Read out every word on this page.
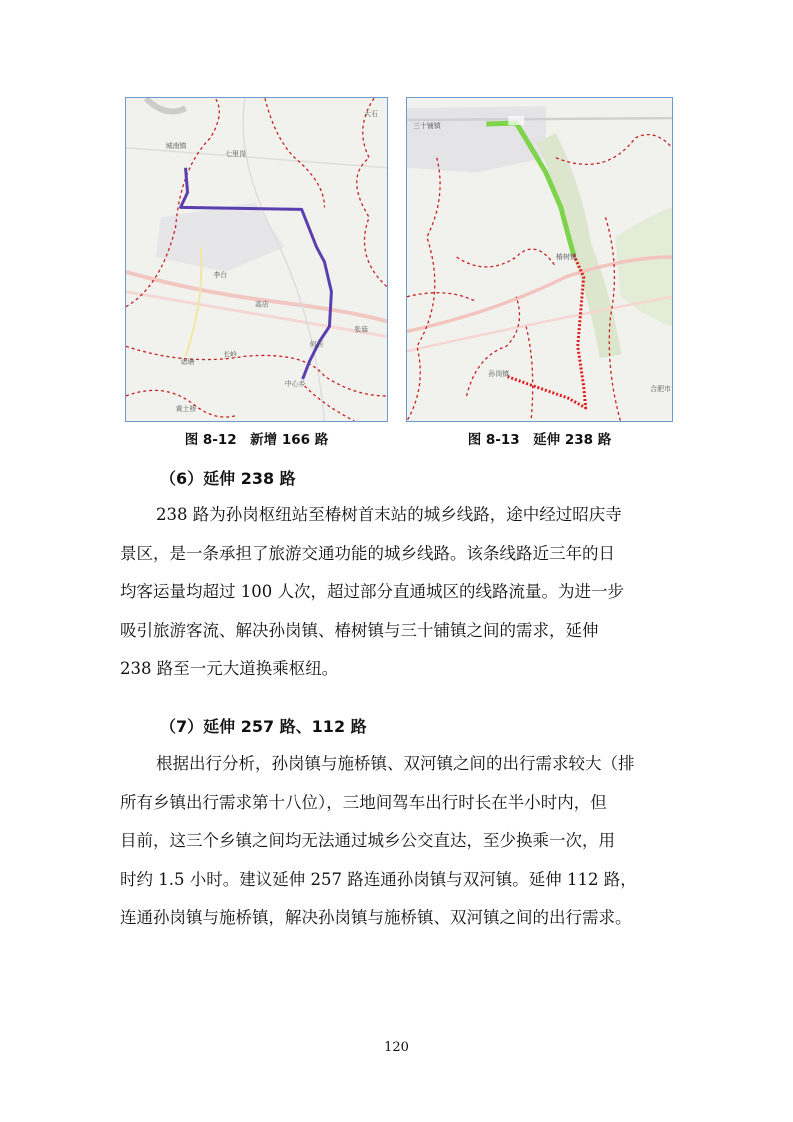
城南镇
七里岗
大石
李台
长岭
中心乡
黄土桥
高店
张庙
诸塘
何店
图 8-12　新增 166 路
三十铺镇
孙岗镇
椿树镇
合肥市
图 8-13　延伸 238 路
（6）延伸 238 路

238 路为孙岗枢纽站至椿树首末站的城乡线路，途中经过昭庆寺

景区，是一条承担了旅游交通功能的城乡线路。该条线路近三年的日

均客运量均超过 100 人次，超过部分直通城区的线路流量。为进一步

吸引旅游客流、解决孙岗镇、椿树镇与三十铺镇之间的需求，延伸

238 路至一元大道换乘枢纽。

（7）延伸 257 路、112 路

根据出行分析，孙岗镇与施桥镇、双河镇之间的出行需求较大（排

所有乡镇出行需求第十八位），三地间驾车出行时长在半小时内，但

目前，这三个乡镇之间均无法通过城乡公交直达，至少换乘一次，用

时约 1.5 小时。建议延伸 257 路连通孙岗镇与双河镇。延伸 112 路，

连通孙岗镇与施桥镇，解决孙岗镇与施桥镇、双河镇之间的出行需求。

120
